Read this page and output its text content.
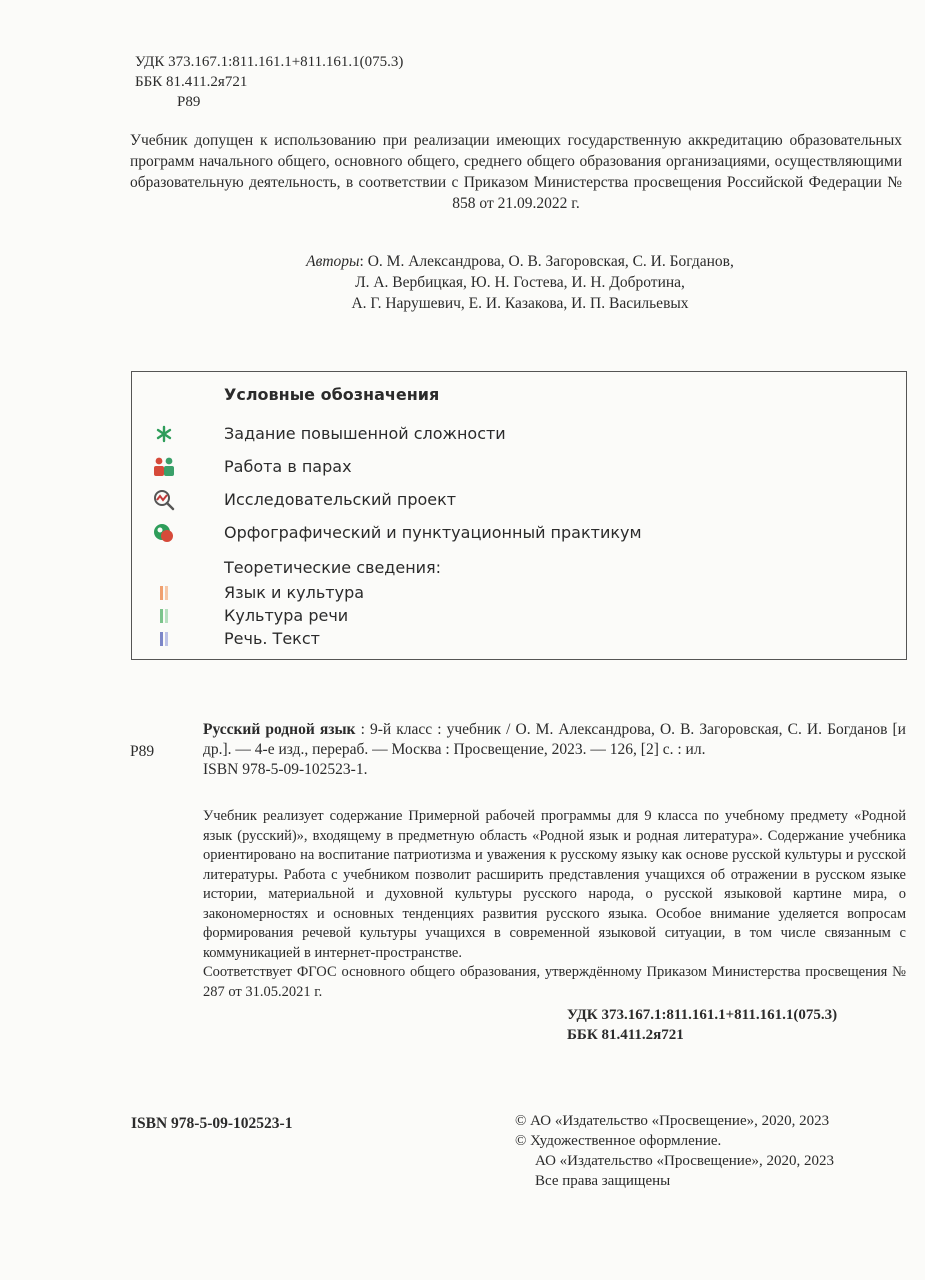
УДК 373.167.1:811.161.1+811.161.1(075.3)
ББК 81.411.2я721
Р89
Учебник допущен к использованию при реализации имеющих государственную аккредитацию образовательных программ начального общего, основного общего, среднего общего образования организациями, осуществляющими образовательную деятельность, в соответствии с Приказом Министерства просвещения Российской Федерации № 858 от 21.09.2022 г.
Авторы: О. М. Александрова, О. В. Загоровская, С. И. Богданов,
Л. А. Вербицкая, Ю. Н. Гостева, И. Н. Добротина,
А. Г. Нарушевич, Е. И. Казакова, И. П. Васильевых
Условные обозначения
Задание повышенной сложности
Работа в парах
Исследовательский проект
Орфографический и пунктуационный практикум
Теоретические сведения:
Язык и культура
Культура речи
Речь. Текст
Р89
Русский родной язык : 9-й класс : учебник / О. М. Александрова, О. В. Загоровская, С. И. Богданов [и др.]. — 4-е изд., перераб. — Москва : Просвещение, 2023. — 126, [2] с. : ил.
ISBN 978-5-09-102523-1.

Учебник реализует содержание Примерной рабочей программы для 9 класса по учебному предмету «Родной язык (русский)», входящему в предметную область «Родной язык и родная литература». Содержание учебника ориентировано на воспитание патриотизма и уважения к русскому языку как основе русской культуры и русской литературы. Работа с учебником позволит расширить представления учащихся об отражении в русском языке истории, материальной и духовной культуры русского народа, о русской языковой картине мира, о закономерностях и основных тенденциях развития русского языка. Особое внимание уделяется вопросам формирования речевой культуры учащихся в современной языковой ситуации, в том числе связанным с коммуникацией в интернет-пространстве.

Соответствует ФГОС основного общего образования, утверждённому Приказом Министерства просвещения № 287 от 31.05.2021 г.

УДК 373.167.1:811.161.1+811.161.1(075.3)
ББК 81.411.2я721
ISBN 978-5-09-102523-1	© АО «Издательство «Просвещение», 2020, 2023
© Художественное оформление.
АО «Издательство «Просвещение», 2020, 2023
Все права защищены
